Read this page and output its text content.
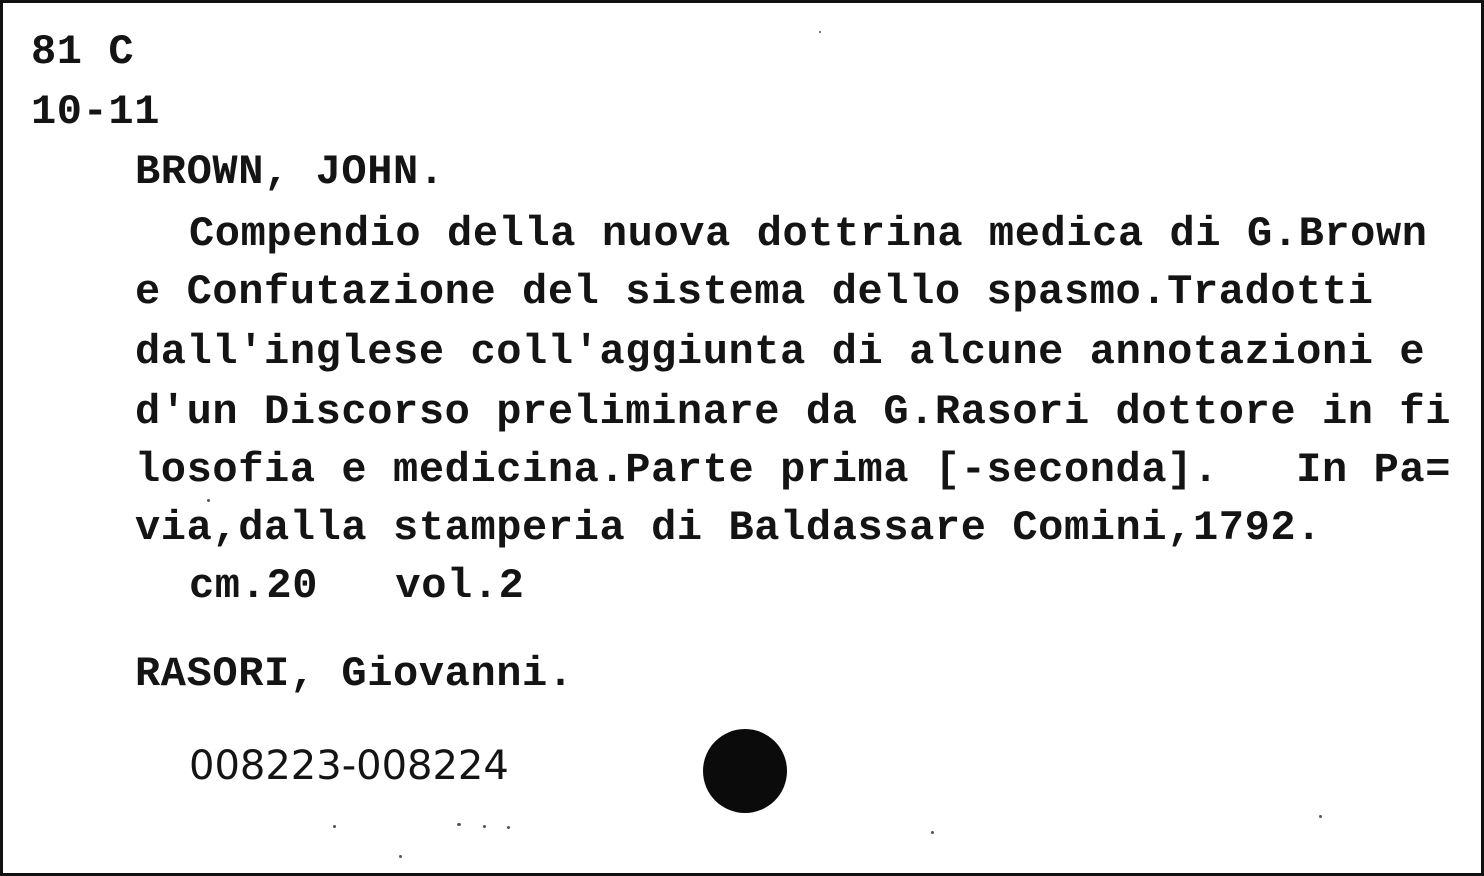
81 C
10-11
BROWN, JOHN.
Compendio della nuova dottrina medica di G.Brown
e Confutazione del sistema dello spasmo.Tradotti
dall'inglese coll'aggiunta di alcune annotazioni e
d'un Discorso preliminare da G.Rasori dottore in fi
losofia e medicina.Parte prima [-seconda].   In Pa=
via,dalla stamperia di Baldassare Comini,1792.
cm.20   vol.2
RASORI, Giovanni.
008223-008224
